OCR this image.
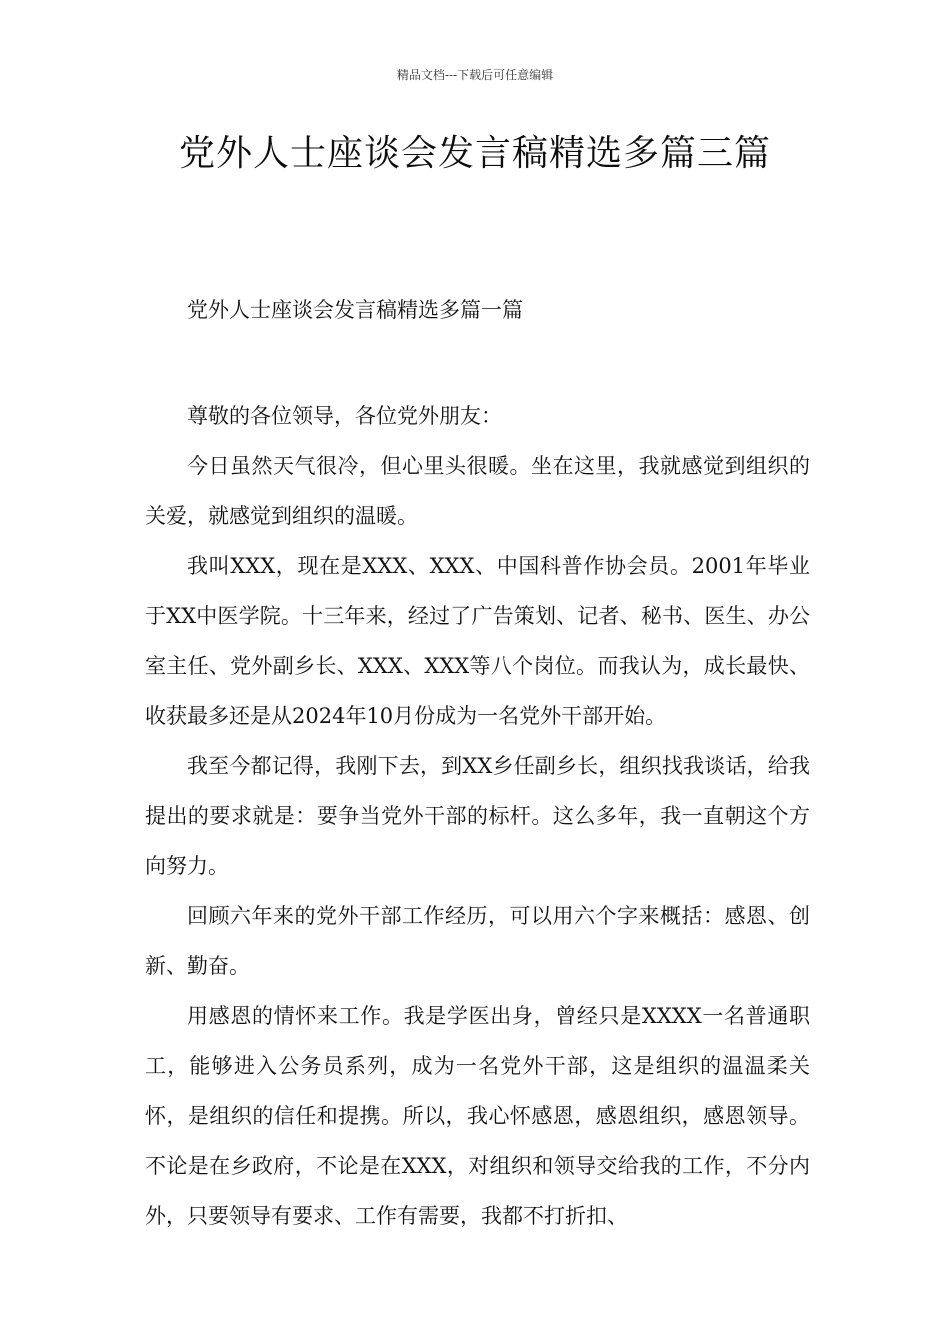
精品文档---下载后可任意编辑
党外人士座谈会发言稿精选多篇三篇

党外人士座谈会发言稿精选多篇一篇

尊敬的各位领导，各位党外朋友：

今日虽然天气很冷，但心里头很暖。坐在这里，我就感觉到组织的关爱，就感觉到组织的温暖。

我叫XXX，现在是XXX、XXX、中国科普作协会员。2001年毕业于XX中医学院。十三年来，经过了广告策划、记者、秘书、医生、办公室主任、党外副乡长、XXX、XXX等八个岗位。而我认为，成长最快、收获最多还是从2024年10月份成为一名党外干部开始。

我至今都记得，我刚下去，到XX乡任副乡长，组织找我谈话，给我提出的要求就是：要争当党外干部的标杆。这么多年，我一直朝这个方向努力。

回顾六年来的党外干部工作经历，可以用六个字来概括：感恩、创新、勤奋。

用感恩的情怀来工作。我是学医出身，曾经只是XXXX一名普通职工，能够进入公务员系列，成为一名党外干部，这是组织的温温柔关怀，是组织的信任和提携。所以，我心怀感恩，感恩组织，感恩领导。不论是在乡政府，不论是在XXX，对组织和领导交给我的工作，不分内外，只要领导有要求、工作有需要，我都不打折扣、
